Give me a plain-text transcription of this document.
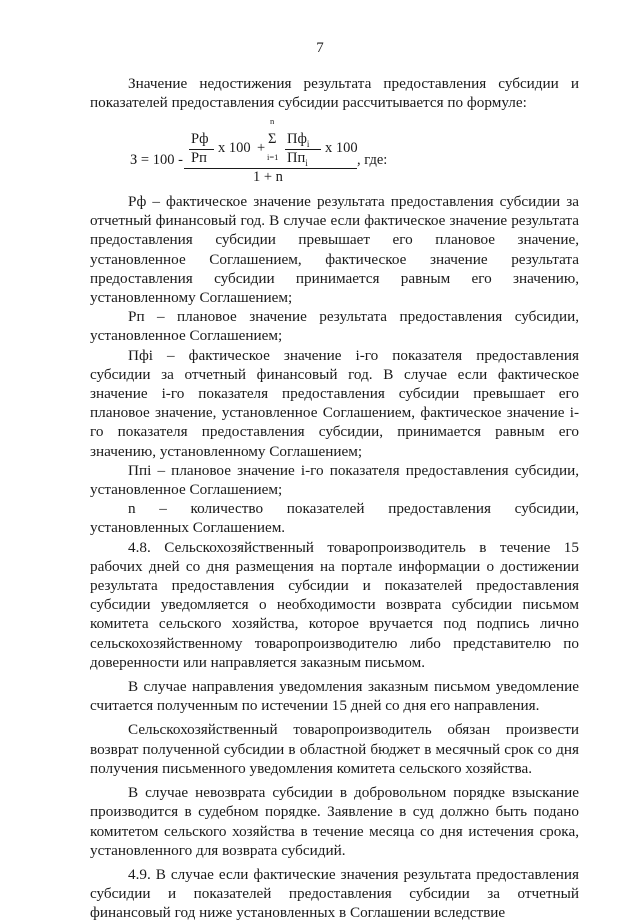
7

Значение недостижения результата предоставления субсидии и показателей предоставления субсидии рассчитывается по формуле:

З = 100 -
Рф
Рп
x 100 +
n
Σ
i=1
$Пф_i$
$Пп_i$
x 100
1 + n
, где:

Рф – фактическое значение результата предоставления субсидии за отчетный финансовый год. В случае если фактическое значение результата предоставления субсидии превышает его плановое значение, установленное Соглашением, фактическое значение результата предоставления субсидии принимается равным его значению, установленному Соглашением;

Рп – плановое значение результата предоставления субсидии, установленное Соглашением;

Пфi – фактическое значение i-го показателя предоставления субсидии за отчетный финансовый год. В случае если фактическое значение i-го показателя предоставления субсидии превышает его плановое значение, установленное Соглашением, фактическое значение i-го показателя предоставления субсидии, принимается равным его значению, установленному Соглашением;

Ппi – плановое значение i-го показателя предоставления субсидии, установленное Соглашением;

n – количество показателей предоставления субсидии, установленных Соглашением.

4.8. Сельскохозяйственный товаропроизводитель в течение 15 рабочих дней со дня размещения на портале информации о достижении результата предоставления субсидии и показателей предоставления субсидии уведомляется о необходимости возврата субсидии письмом комитета сельского хозяйства, которое вручается под подпись лично сельскохозяйственному товаропроизводителю либо представителю по доверенности или направляется заказным письмом.

В случае направления уведомления заказным письмом уведомление считается полученным по истечении 15 дней со дня его направления.

Сельскохозяйственный товаропроизводитель обязан произвести возврат полученной субсидии в областной бюджет в месячный срок со дня получения письменного уведомления комитета сельского хозяйства.

В случае невозврата субсидии в добровольном порядке взыскание производится в судебном порядке. Заявление в суд должно быть подано комитетом сельского хозяйства в течение месяца со дня истечения срока, установленного для возврата субсидий.

4.9. В случае если фактические значения результата предоставления субсидии и показателей предоставления субсидии за отчетный финансовый год ниже установленных в Соглашении вследствие
